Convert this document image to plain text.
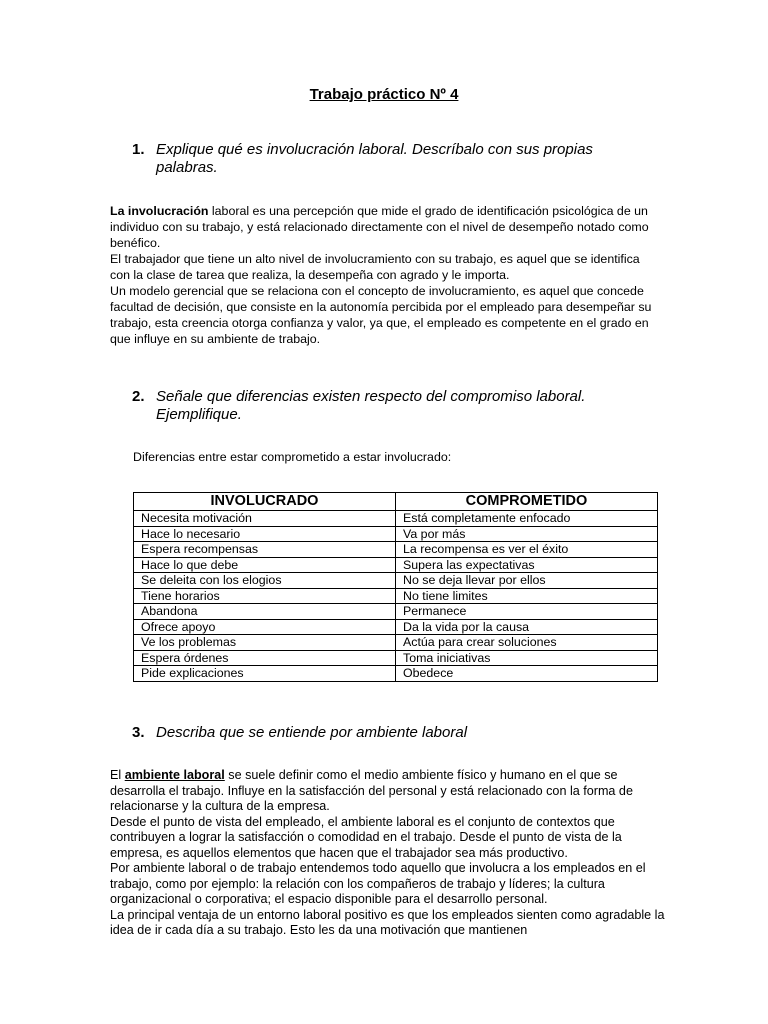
Trabajo práctico Nº 4
1. Explique qué es involucración laboral. Descríbalo con sus propias palabras.

La involucración laboral es una percepción que mide el grado de identificación psicológica de un individuo con su trabajo, y está relacionado directamente con el nivel de desempeño notado como benéfico.

El trabajador que tiene un alto nivel de involucramiento con su trabajo, es aquel que se identifica con la clase de tarea que realiza, la desempeña con agrado y le importa.

Un modelo gerencial que se relaciona con el concepto de involucramiento, es aquel que concede facultad de decisión, que consiste en la autonomía percibida por el empleado para desempeñar su trabajo, esta creencia otorga confianza y valor, ya que, el empleado es competente en el grado en que influye en su ambiente de trabajo.

2. Señale que diferencias existen respecto del compromiso laboral. Ejemplifique.
Diferencias entre estar comprometido a estar involucrado:
INVOLUCRADO	COMPROMETIDO
Necesita motivación	Está completamente enfocado
Hace lo necesario	Va por más
Espera recompensas	La recompensa es ver el éxito
Hace lo que debe	Supera las expectativas
Se deleita con los elogios	No se deja llevar por ellos
Tiene horarios	No tiene limites
Abandona	Permanece
Ofrece apoyo	Da la vida por la causa
Ve los problemas	Actúa para crear soluciones
Espera órdenes	Toma iniciativas
Pide explicaciones	Obedece
3. Describa que se entiende por ambiente laboral

El ambiente laboral se suele definir como el medio ambiente físico y humano en el que se desarrolla el trabajo. Influye en la satisfacción del personal y está relacionado con la forma de relacionarse y la cultura de la empresa.

Desde el punto de vista del empleado, el ambiente laboral es el conjunto de contextos que contribuyen a lograr la satisfacción o comodidad en el trabajo. Desde el punto de vista de la empresa, es aquellos elementos que hacen que el trabajador sea más productivo.

Por ambiente laboral o de trabajo entendemos todo aquello que involucra a los empleados en el trabajo, como por ejemplo: la relación con los compañeros de trabajo y líderes; la cultura organizacional o corporativa; el espacio disponible para el desarrollo personal.

La principal ventaja de un entorno laboral positivo es que los empleados sienten como agradable la idea de ir cada día a su trabajo. Esto les da una motivación que mantienen
